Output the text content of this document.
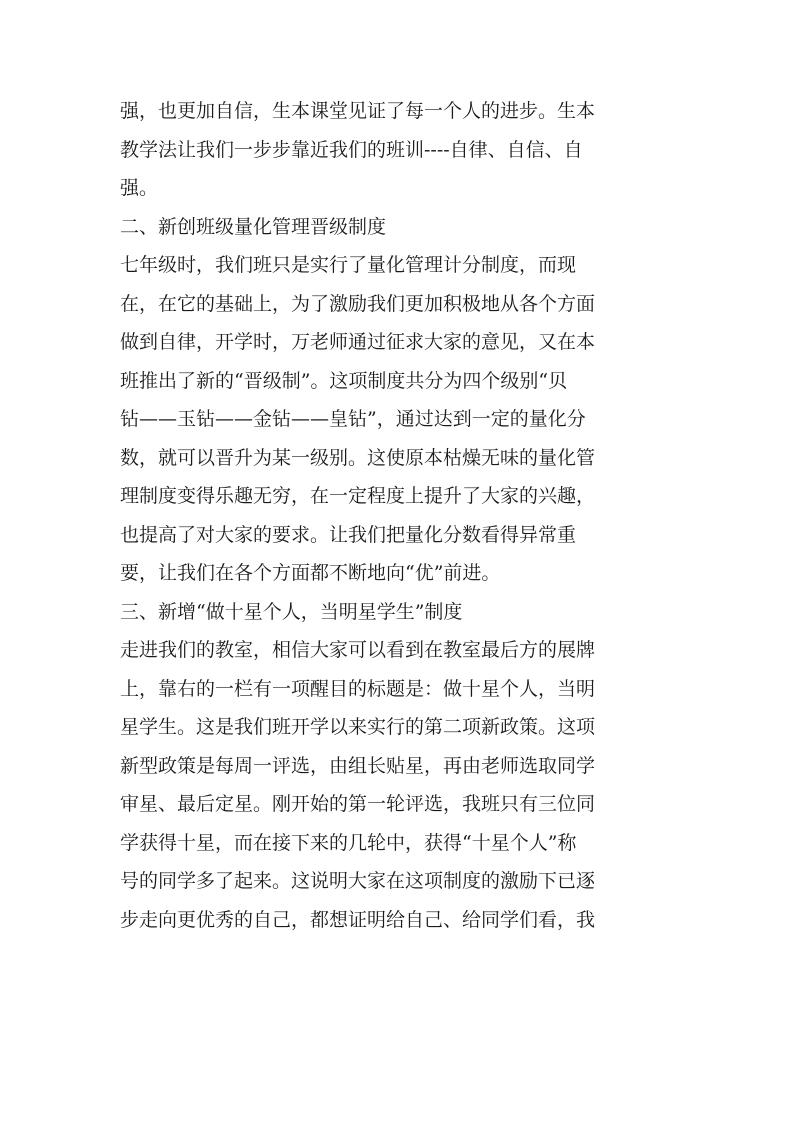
强，也更加自信，生本课堂见证了每一个人的进步。生本
教学法让我们一步步靠近我们的班训----自律、自信、自
强。
二、新创班级量化管理晋级制度
七年级时，我们班只是实行了量化管理计分制度，而现
在，在它的基础上，为了激励我们更加积极地从各个方面
做到自律，开学时，万老师通过征求大家的意见，又在本
班推出了新的“晋级制”。这项制度共分为四个级别“贝
钻——玉钻——金钻——皇钻”，通过达到一定的量化分
数，就可以晋升为某一级别。这使原本枯燥无味的量化管
理制度变得乐趣无穷，在一定程度上提升了大家的兴趣，
也提高了对大家的要求。让我们把量化分数看得异常重
要，让我们在各个方面都不断地向“优”前进。
三、新增“做十星个人，当明星学生”制度
走进我们的教室，相信大家可以看到在教室最后方的展牌
上，靠右的一栏有一项醒目的标题是：做十星个人，当明
星学生。这是我们班开学以来实行的第二项新政策。这项
新型政策是每周一评选，由组长贴星，再由老师选取同学
审星、最后定星。刚开始的第一轮评选，我班只有三位同
学获得十星，而在接下来的几轮中，获得“十星个人”称
号的同学多了起来。这说明大家在这项制度的激励下已逐
步走向更优秀的自己，都想证明给自己、给同学们看，我
